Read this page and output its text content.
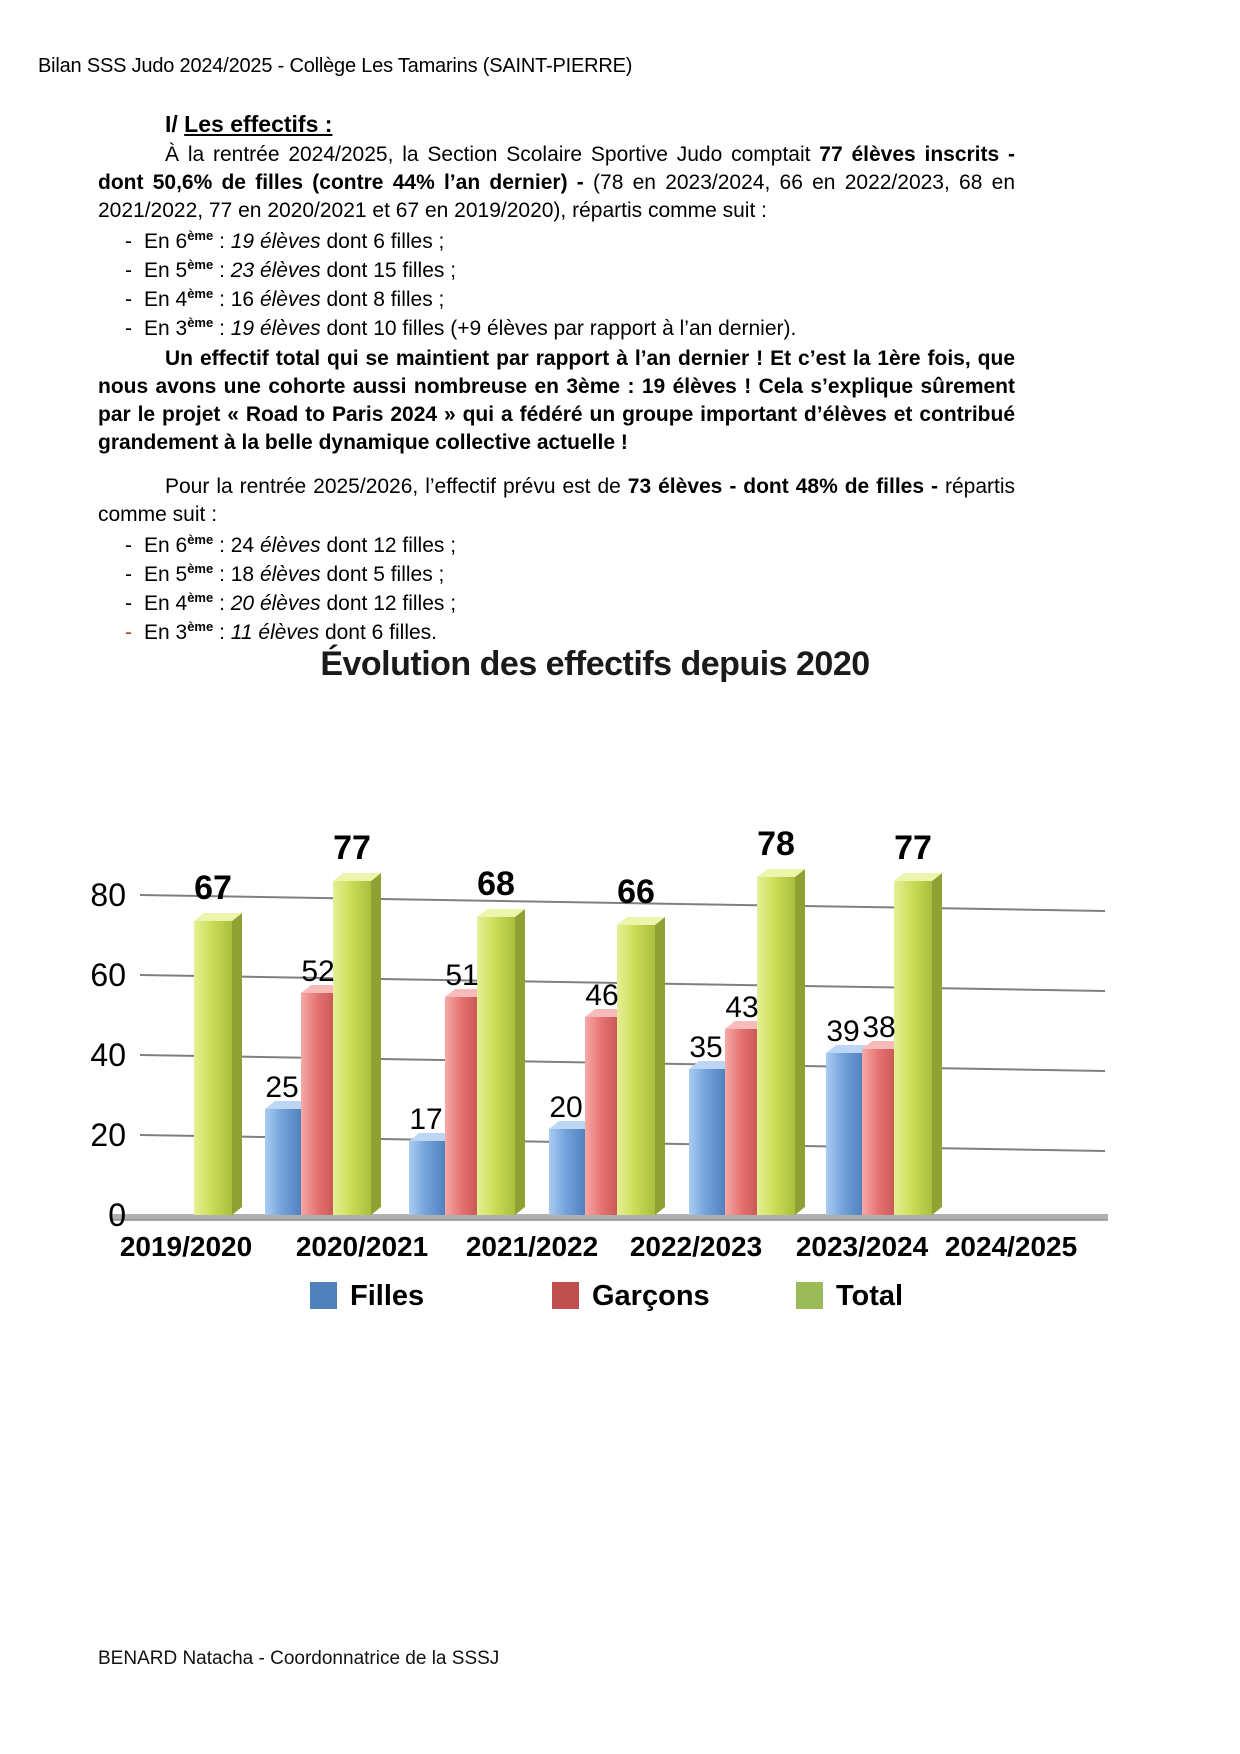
Bilan SSS Judo 2024/2025 - Collège Les Tamarins (SAINT-PIERRE)
I/ Les effectifs :

À la rentrée 2024/2025, la Section Scolaire Sportive Judo comptait 77 élèves inscrits - dont 50,6% de filles (contre 44% l’an dernier) - (78 en 2023/2024, 66 en 2022/2023, 68 en 2021/2022, 77 en 2020/2021 et 67 en 2019/2020), répartis comme suit :

- En 6ème : 19 élèves dont 6 filles ;
- En 5ème : 23 élèves dont 15 filles ;
- En 4ème : 16 élèves dont 8 filles ;
- En 3ème : 19 élèves dont 10 filles (+9 élèves par rapport à l’an dernier).

Un effectif total qui se maintient par rapport à l’an dernier ! Et c’est la 1ère fois, que nous avons une cohorte aussi nombreuse en 3ème : 19 élèves ! Cela s’explique sûrement par le projet « Road to Paris 2024 » qui a fédéré un groupe important d’élèves et contribué grandement à la belle dynamique collective actuelle !

Pour la rentrée 2025/2026, l’effectif prévu est de 73 élèves - dont 48% de filles - répartis comme suit :

- En 6ème : 24 élèves dont 12 filles ;
- En 5ème : 18 élèves dont 5 filles ;
- En 4ème : 20 élèves dont 12 filles ;
- En 3ème : 11 élèves dont 6 filles.
Évolution des effectifs depuis 2020
0
20
40
60
80
25
17	20
35	39
52	51
46	43
38
67
77
68	66
78	77
2019/2020 2020/2021 2021/2022 2022/2023 2023/2024 2024/2025
Filles	Garçons	Total
BENARD Natacha - Coordonnatrice de la SSSJ
